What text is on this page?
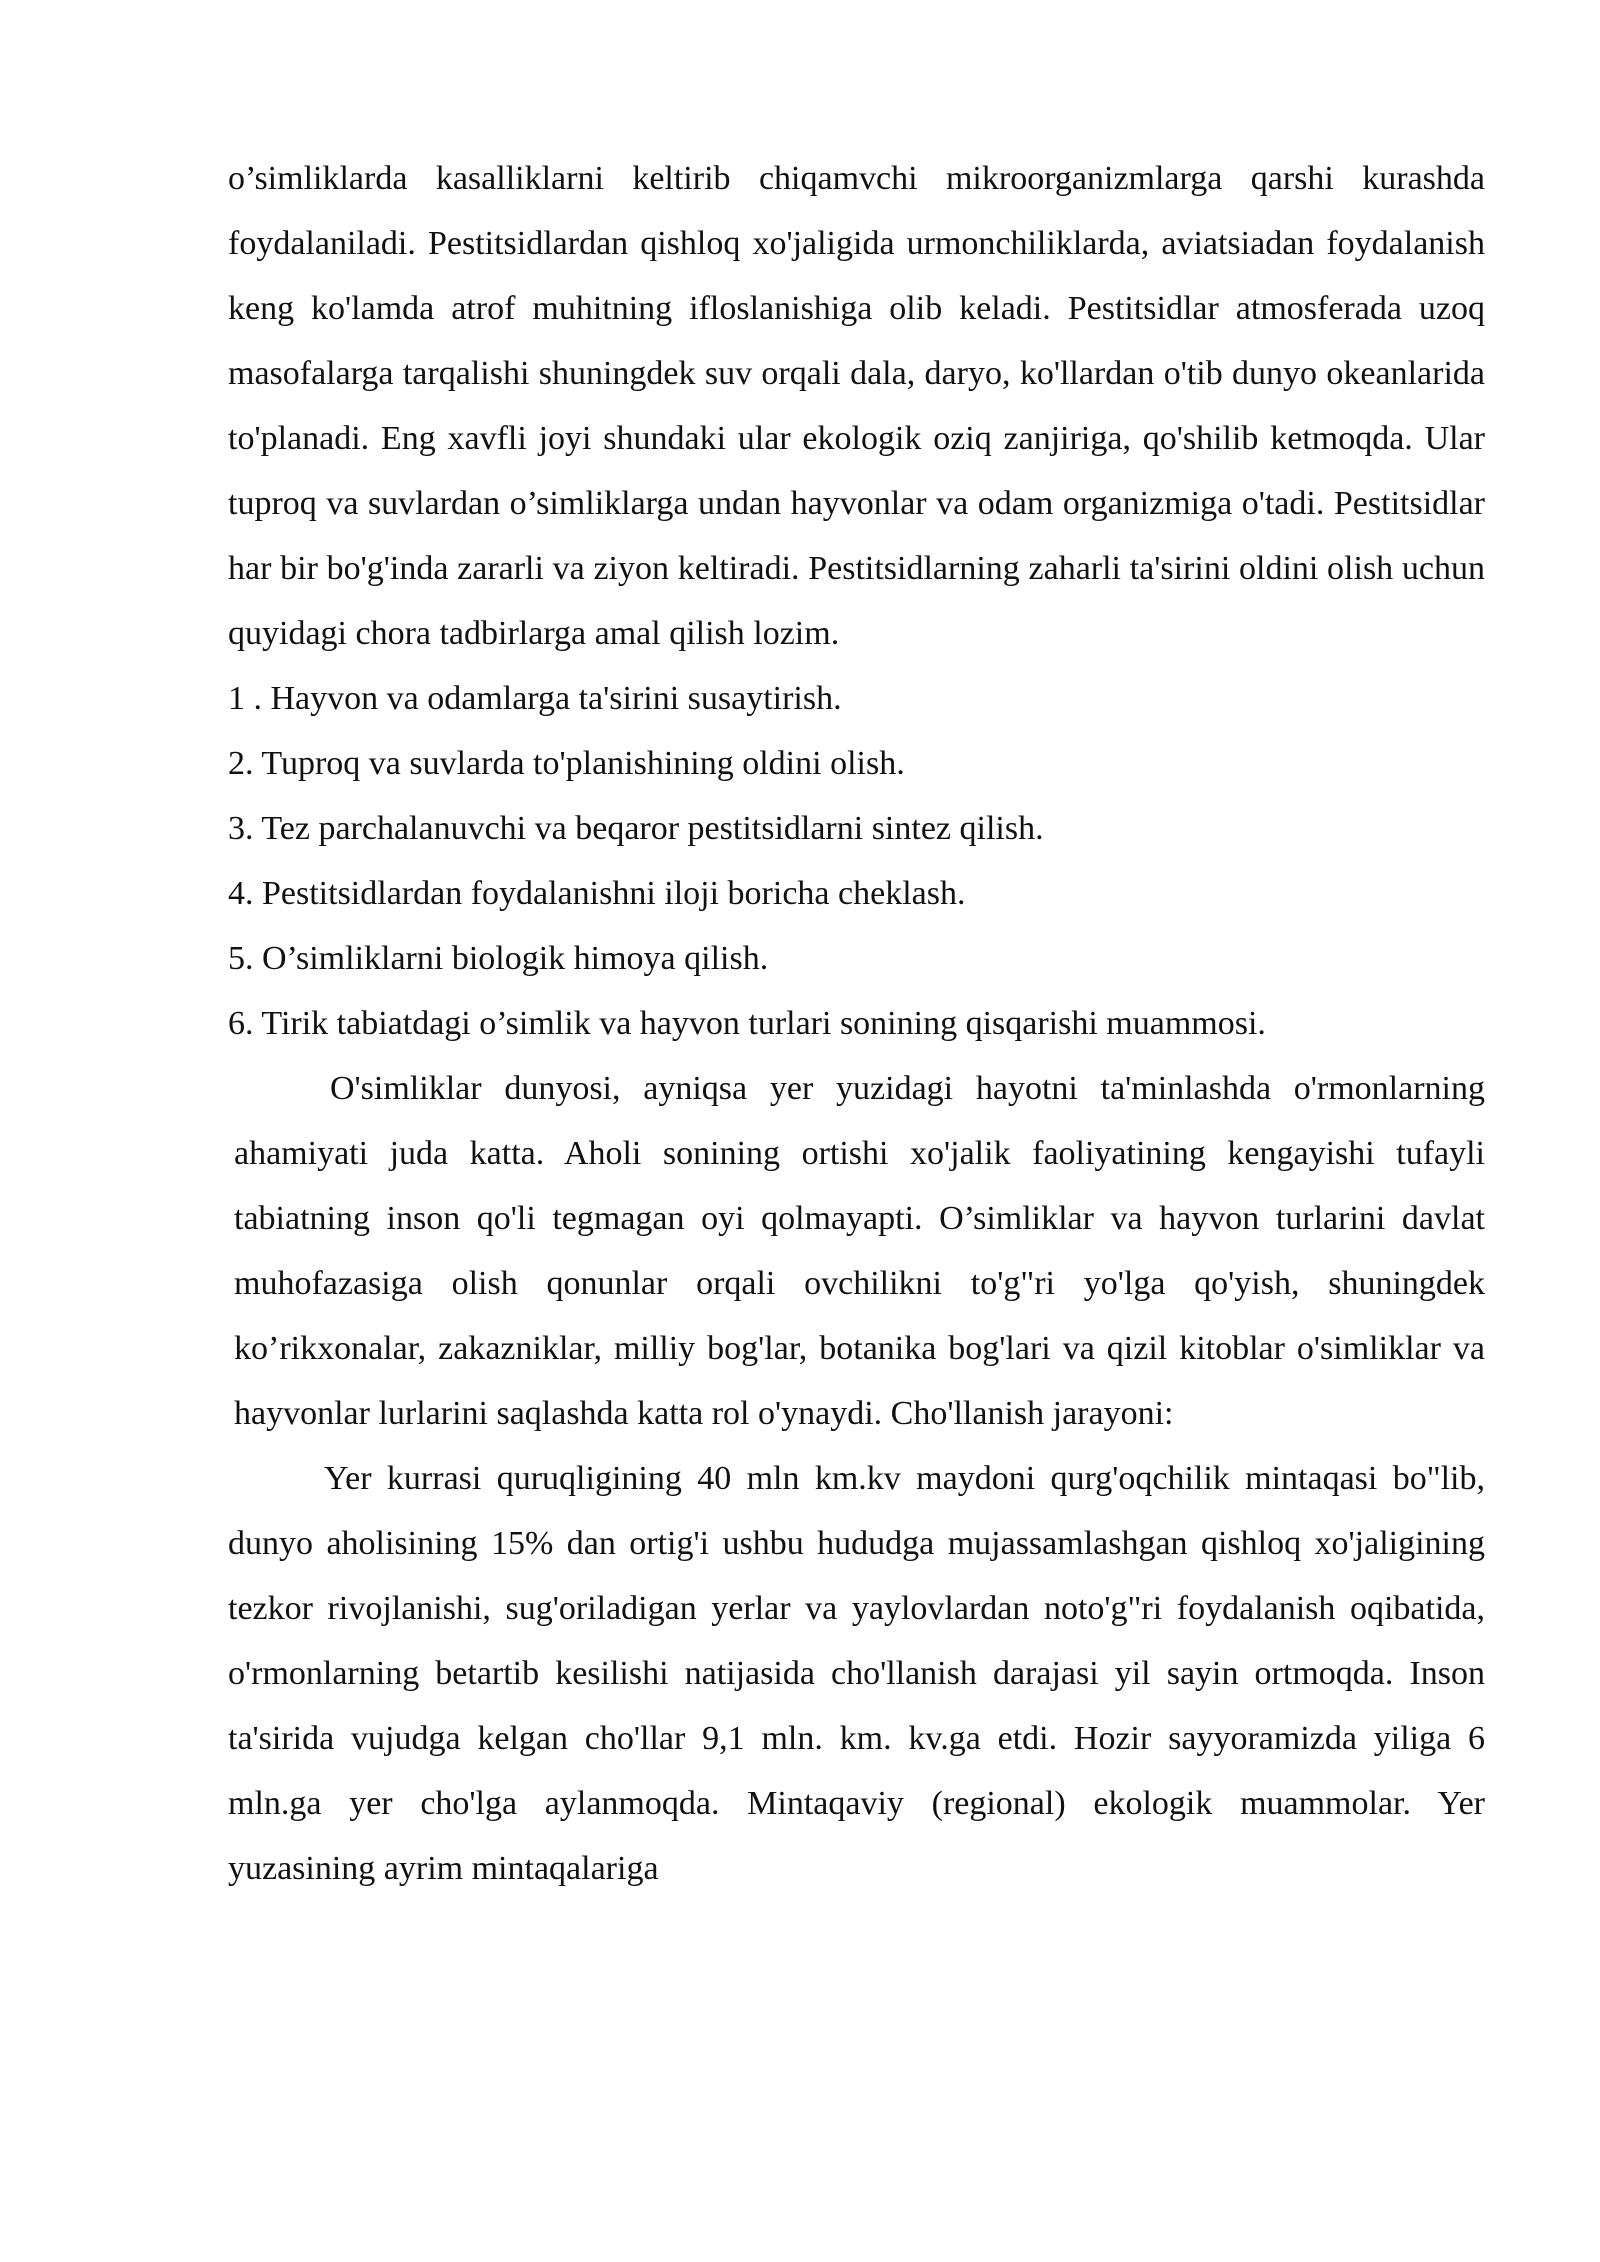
o’simliklarda kasalliklarni keltirib chiqamvchi mikroorganizmlarga qarshi kurashda foydalaniladi. Pestitsidlardan qishloq xo'jaligida urmonchiliklarda, aviatsiadan foydalanish keng ko'lamda atrof muhitning ifloslanishiga olib keladi. Pestitsidlar atmosferada uzoq masofalarga tarqalishi shuningdek suv orqali dala, daryo, ko'llardan o'tib dunyo okeanlarida to'planadi. Eng xavfli joyi shundaki ular ekologik oziq zanjiriga, qo'shilib ketmoqda. Ular tuproq va suvlardan o’simliklarga undan hayvonlar va odam organizmiga o'tadi. Pestitsidlar har bir bo'g'inda zararli va ziyon keltiradi. Pestitsidlarning zaharli ta'sirini oldini olish uchun quyidagi chora tadbirlarga amal qilish lozim.

1 . Hayvon va odamlarga ta'sirini susaytirish.
2. Tuproq va suvlarda to'planishining oldini olish.
3. Tez parchalanuvchi va beqaror pestitsidlarni sintez qilish.
4. Pestitsidlardan foydalanishni iloji boricha cheklash.
5. O’simliklarni biologik himoya qilish.
6. Tirik tabiatdagi o’simlik va hayvon turlari sonining qisqarishi muammosi.

O'simliklar dunyosi, ayniqsa yer yuzidagi hayotni ta'minlashda o'rmonlarning ahamiyati juda katta. Aholi sonining ortishi xo'jalik faoliyatining kengayishi tufayli tabiatning inson qo'li tegmagan oyi qolmayapti. O’simliklar va hayvon turlarini davlat muhofazasiga olish qonunlar orqali ovchilikni to'g"ri yo'lga qo'yish, shuningdek ko’rikxonalar, zakazniklar, milliy bog'lar, botanika bog'lari va qizil kitoblar o'simliklar va hayvonlar lurlarini saqlashda katta rol o'ynaydi. Cho'llanish jarayoni:

Yer kurrasi quruqligining 40 mln km.kv maydoni qurg'oqchilik mintaqasi bo"lib, dunyo aholisining 15% dan ortig'i ushbu hududga mujassamlashgan qishloq xo'jaligining tezkor rivojlanishi, sug'oriladigan yerlar va yaylovlardan noto'g"ri foydalanish oqibatida, o'rmonlarning betartib kesilishi natijasida cho'llanish darajasi yil sayin ortmoqda. Inson ta'sirida vujudga kelgan cho'llar 9,1 mln. km. kv.ga etdi. Hozir sayyoramizda yiliga 6 mln.ga yer cho'lga aylanmoqda. Mintaqaviy (regional) ekologik muammolar. Yer yuzasining ayrim mintaqalariga
